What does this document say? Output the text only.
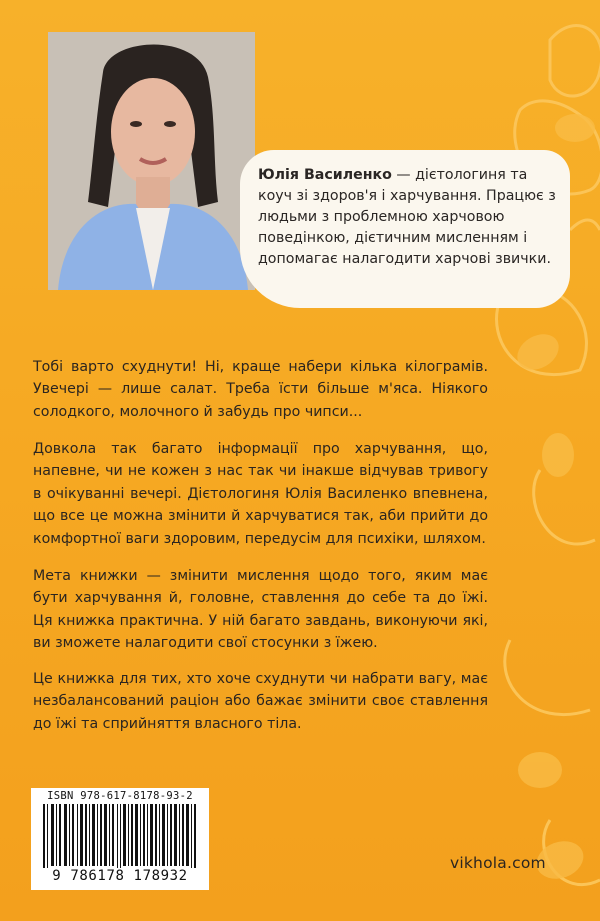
Юлія Василенко — дієтологиня та коуч зі здоров'я і харчування. Працює з людьми з проблемною харчовою поведінкою, дієтичним мисленням і допомагає налагодити харчові звички.

Тобі варто схуднути! Ні, краще набери кілька кілограмів. Увечері — лише салат. Треба їсти більше м'яса. Ніякого солодкого, молочного й забудь про чипси...

Довкола так багато інформації про харчування, що, напевне, чи не кожен з нас так чи інакше відчував тривогу в очікуванні вечері. Дієтологиня Юлія Василенко впевнена, що все це можна змінити й харчуватися так, аби прийти до комфортної ваги здоровим, передусім для психіки, шляхом.

Мета книжки — змінити мислення щодо того, яким має бути харчування й, головне, ставлення до себе та до їжі. Ця книжка практична. У ній багато завдань, виконуючи які, ви зможете налагодити свої стосунки з їжею.

Це книжка для тих, хто хоче схуднути чи набрати вагу, має незбалансований раціон або бажає змінити своє ставлення до їжі та сприйняття власного тіла.

ISBN 978-617-8178-93-2
9 786178 178932
vikhola.com
